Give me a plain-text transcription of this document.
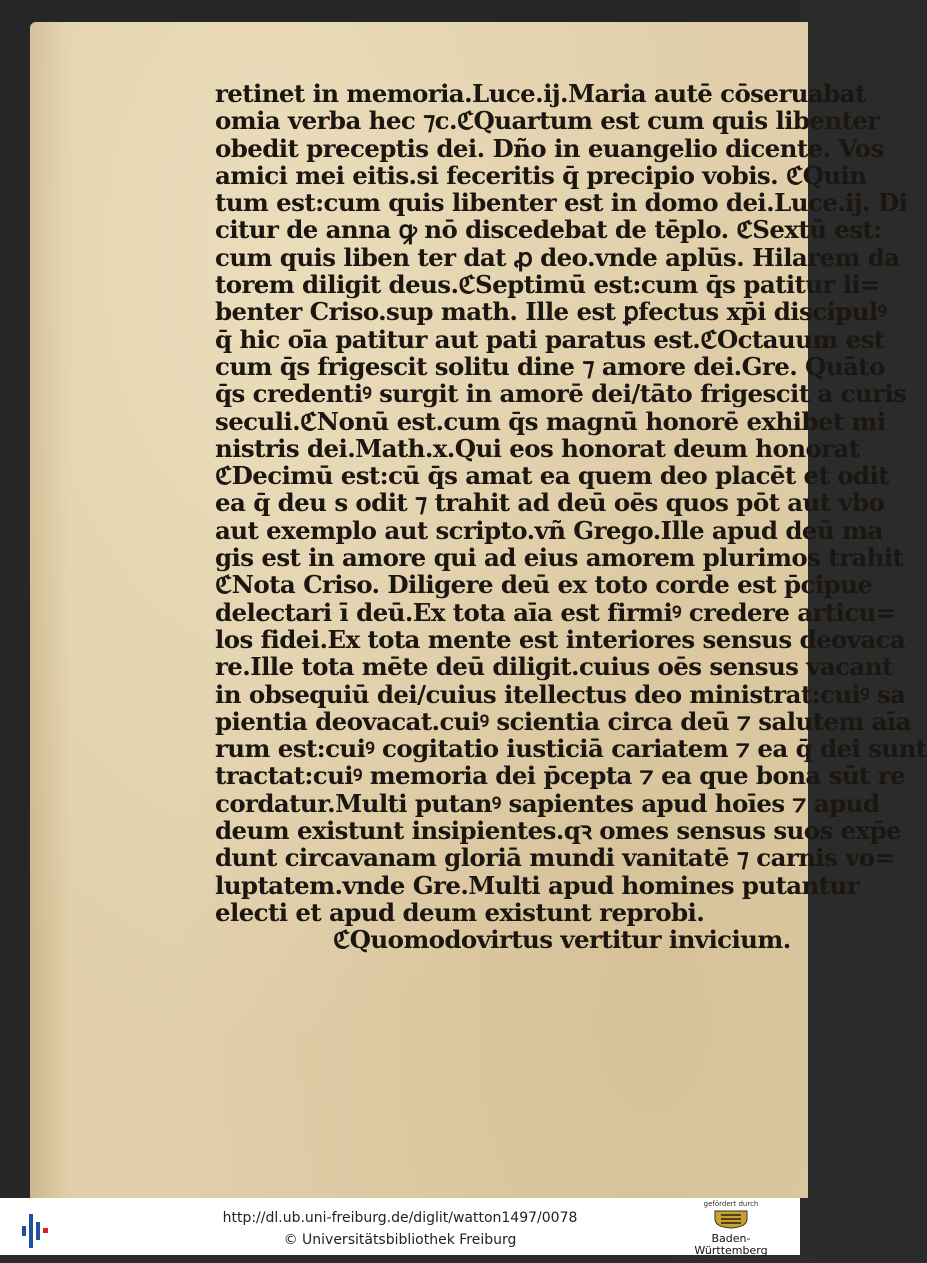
retinet in memoria.Luce.ij.Maria autē cōseruabat
omia verba hec ⁊c.ℭQuartum est cum quis libenter
obedit preceptis dei. Dño in euangelio dicente. Vos
amici mei eitis.si feceritis q̄ precipio vobis. ℭQuin
tum est:cum quis libenter est in domo dei.Luce.ij. Di
citur de anna ꝙ nō discedebat de tēplo. ℭSextū est:
cum quis liben ter dat ꝓ deo.vnde aplūs. Hilarem da
torem diligit deus.ℭSeptimū est:cum q̄s patitur li=
benter Criso.sup math. Ille est ꝑfectus xp̄i discipulꝰ
q̄ hic oīa patitur aut pati paratus est.ℭOctauum est
cum q̄s frigescit solitu dine ⁊ amore dei.Gre. Quāto
q̄s credentiꝰ surgit in amorē dei/tāto frigescit a curis
seculi.ℭNonū est.cum q̄s magnū honorē exhibet mi
nistris dei.Math.x.Qui eos honorat deum honorat
ℭDecimū est:cū q̄s amat ea quem deo placēt et odit
ea q̄ deu s odit ⁊ trahit ad deū oēs quos pōt aut vbo
aut exemplo aut scripto.vñ Grego.Ille apud deū ma
gis est in amore qui ad eius amorem plurimos trahit
ℭNota Criso. Diligere deū ex toto corde est p̄cipue
delectari ī deū.Ex tota aīa est firmiꝰ credere articu=
los fidei.Ex tota mente est interiores sensus deovaca
re.Ille tota mēte deū diligit.cuius oēs sensus vacant
in obsequiū dei/cuius itellectus deo ministrat:cuiꝰ sa
pientia deovacat.cuiꝰ scientia circa deū ⁊ salutem aīa
rum est:cuiꝰ cogitatio iusticiā cariatem ⁊ ea q̄ dei sunt
tractat:cuiꝰ memoria dei p̄cepta ⁊ ea que bona sūt re
cordatur.Multi putanꝰ sapientes apud hoīes ⁊ apud
deum existunt insipientes.qꝛ omes sensus suos exp̄e
dunt circavanam gloriā mundi vanitatē ⁊ carnis vo=
luptatem.vnde Gre.Multi apud homines putantur
electi et apud deum existunt reprobi.
ℭQuomodovirtus vertitur invicium.
http://dl.ub.uni-freiburg.de/diglit/watton1497/0078
© Universitätsbibliothek Freiburg
gefördert durch
Baden-Württemberg
MINISTERIUM FÜR WISSENSCHAFT, FORSCHUNG UND KUNST
